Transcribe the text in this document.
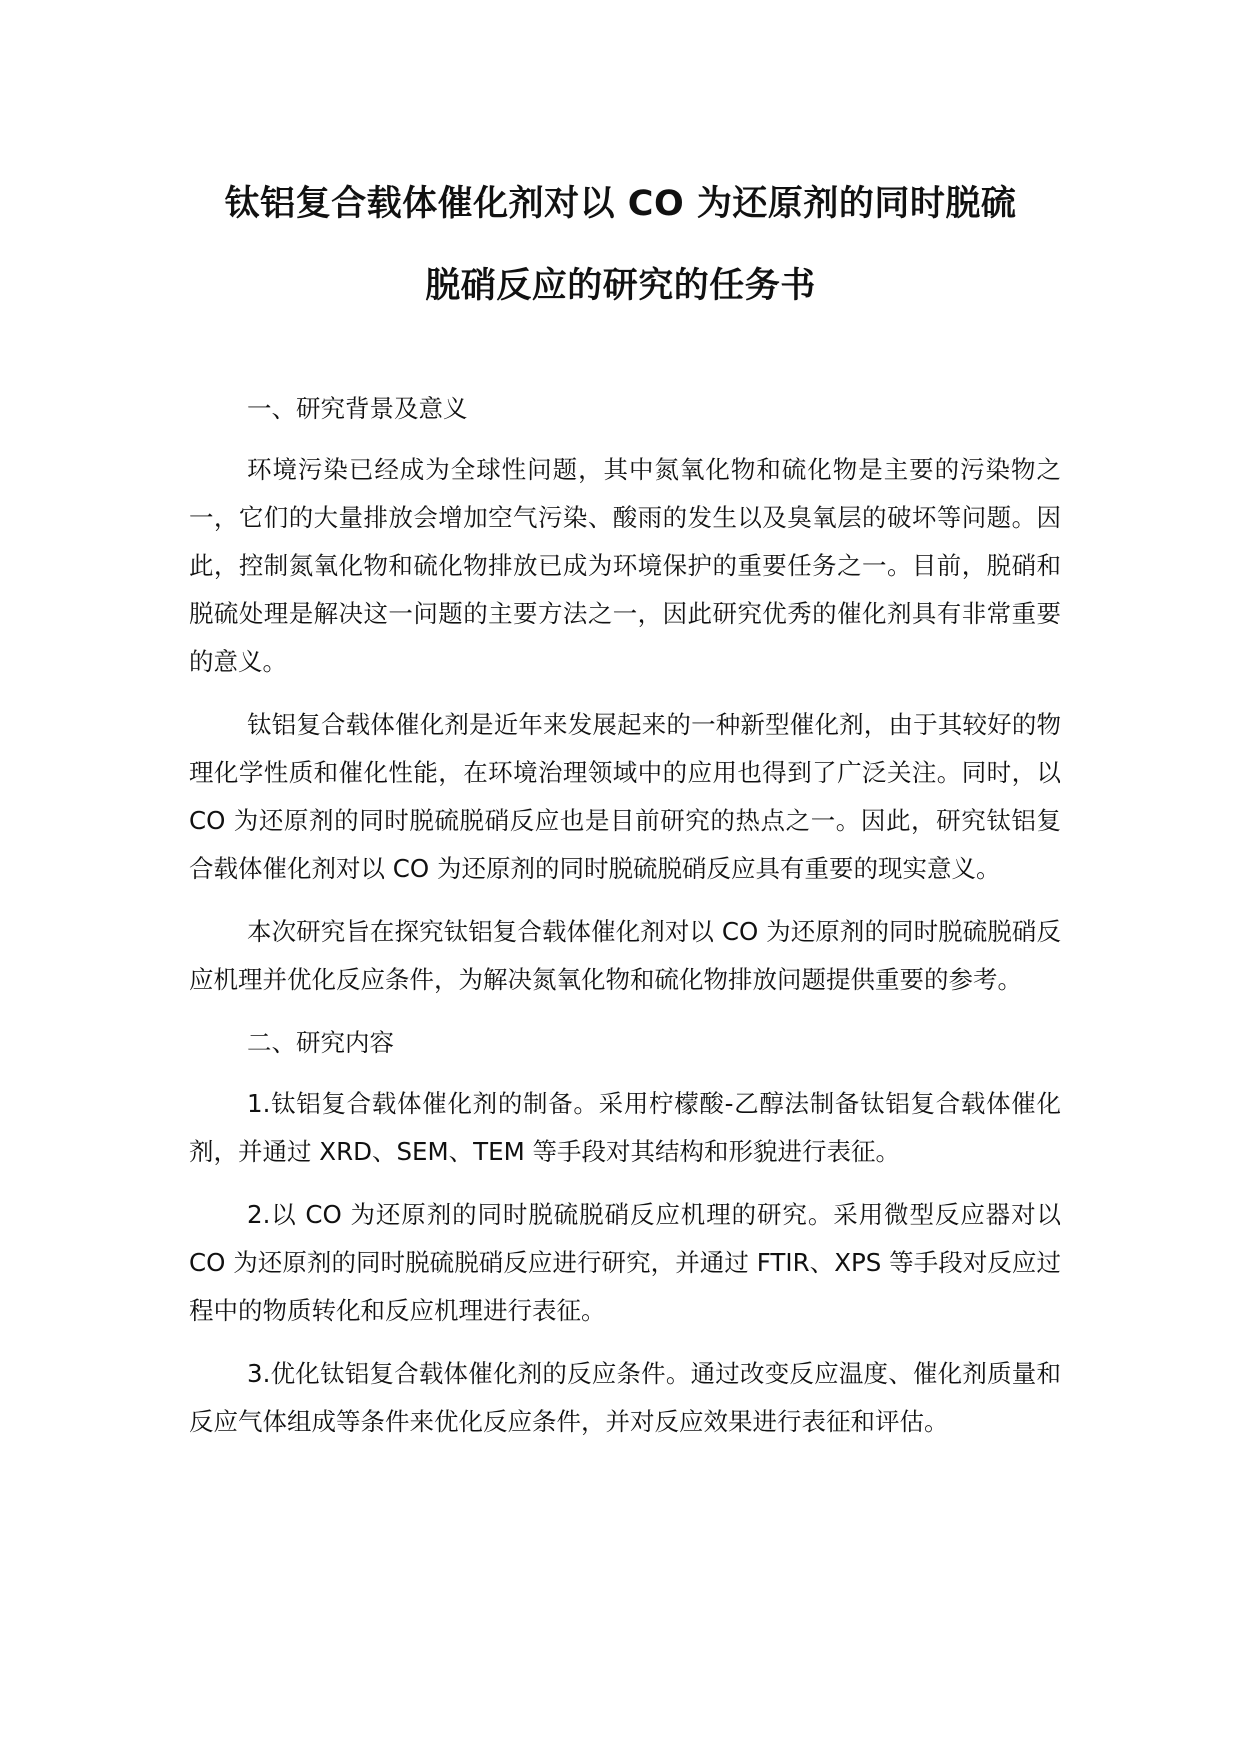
钛铝复合载体催化剂对以 CO 为还原剂的同时脱硫
脱硝反应的研究的任务书
一、研究背景及意义

环境污染已经成为全球性问题，其中氮氧化物和硫化物是主要的污染物之一，它们的大量排放会增加空气污染、酸雨的发生以及臭氧层的破坏等问题。因此，控制氮氧化物和硫化物排放已成为环境保护的重要任务之一。目前，脱硝和脱硫处理是解决这一问题的主要方法之一，因此研究优秀的催化剂具有非常重要的意义。

钛铝复合载体催化剂是近年来发展起来的一种新型催化剂，由于其较好的物理化学性质和催化性能，在环境治理领域中的应用也得到了广泛关注。同时，以 CO 为还原剂的同时脱硫脱硝反应也是目前研究的热点之一。因此，研究钛铝复合载体催化剂对以 CO 为还原剂的同时脱硫脱硝反应具有重要的现实意义。

本次研究旨在探究钛铝复合载体催化剂对以 CO 为还原剂的同时脱硫脱硝反应机理并优化反应条件，为解决氮氧化物和硫化物排放问题提供重要的参考。

二、研究内容

1.钛铝复合载体催化剂的制备。采用柠檬酸-乙醇法制备钛铝复合载体催化剂，并通过 XRD、SEM、TEM 等手段对其结构和形貌进行表征。

2.以 CO 为还原剂的同时脱硫脱硝反应机理的研究。采用微型反应器对以 CO 为还原剂的同时脱硫脱硝反应进行研究，并通过 FTIR、XPS 等手段对反应过程中的物质转化和反应机理进行表征。

3.优化钛铝复合载体催化剂的反应条件。通过改变反应温度、催化剂质量和反应气体组成等条件来优化反应条件，并对反应效果进行表征和评估。
